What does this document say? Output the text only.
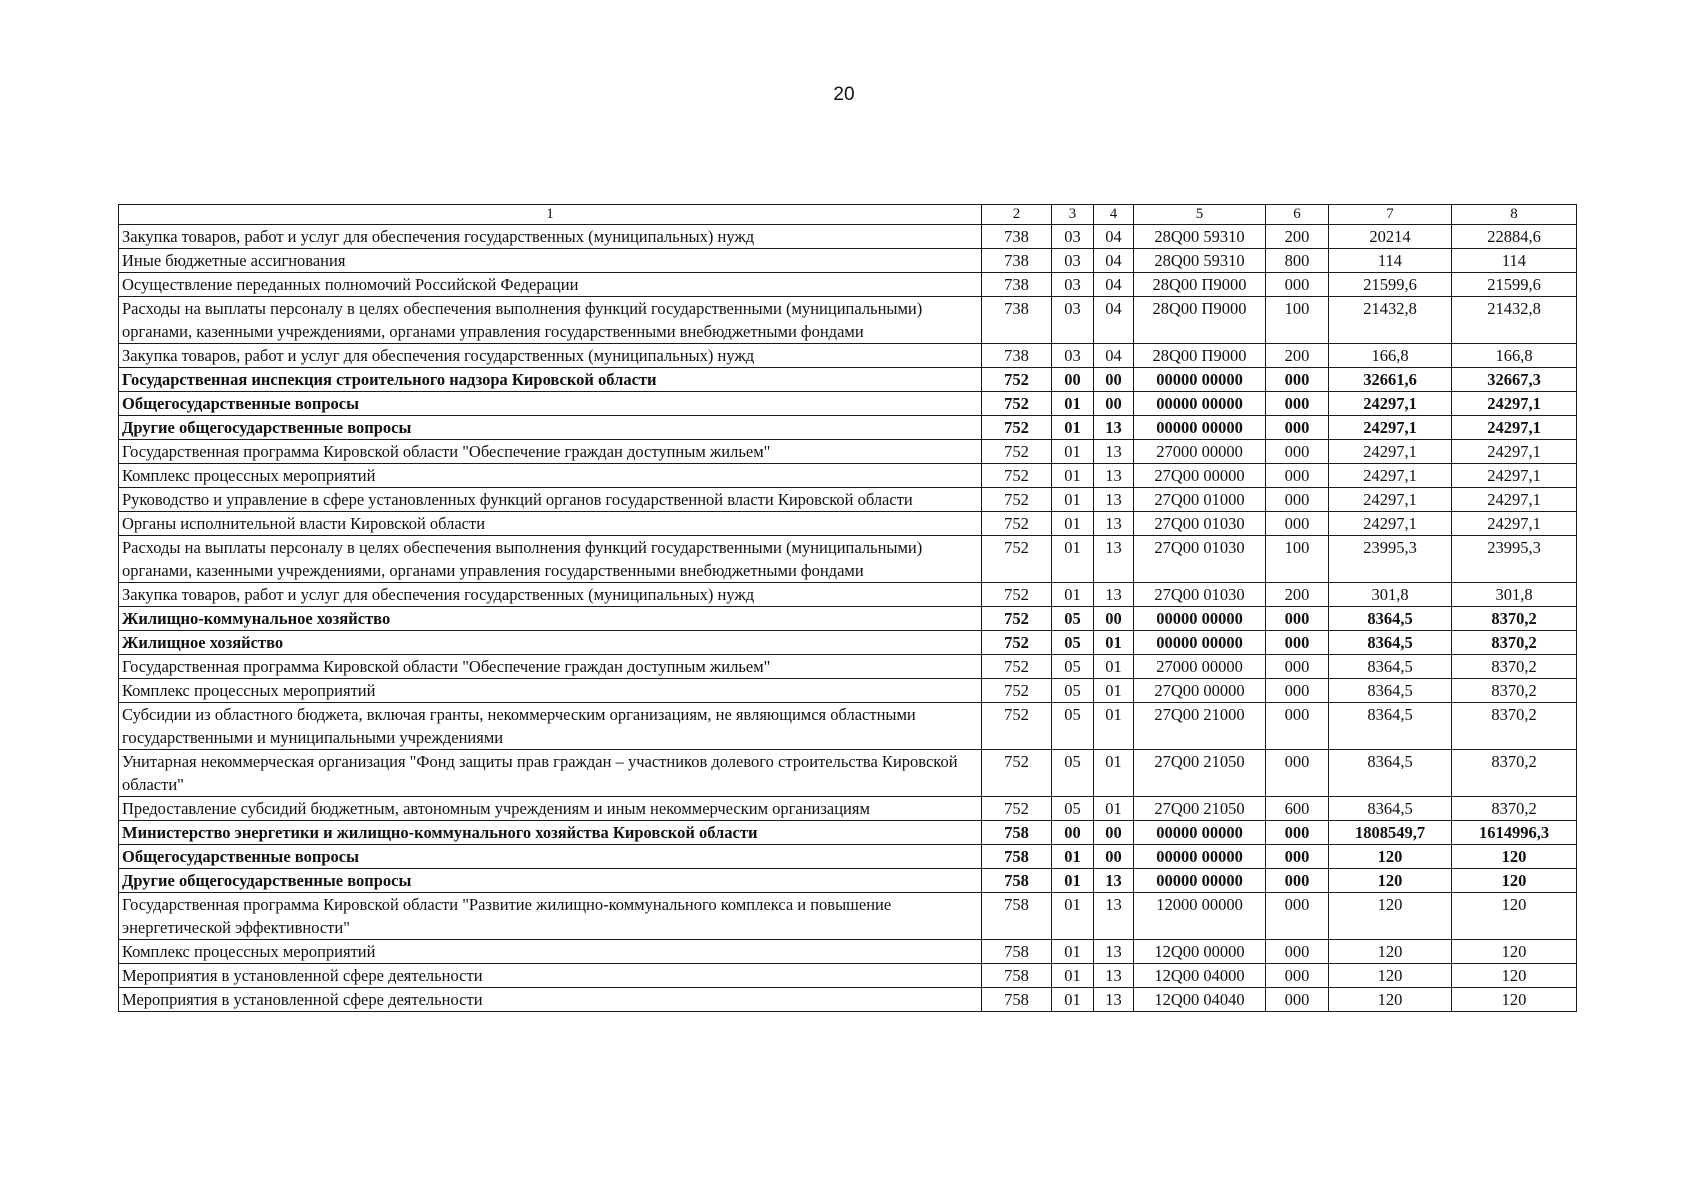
20
1	2	3	4	5	6	7	8
Закупка товаров, работ и услуг для обеспечения государственных (муниципальных) нужд	738	03	04	28Q00 59310	200	20214	22884,6
Иные бюджетные ассигнования	738	03	04	28Q00 59310	800	114	114
Осуществление переданных полномочий Российской Федерации	738	03	04	28Q00 П9000	000	21599,6	21599,6
Расходы на выплаты персоналу в целях обеспечения выполнения функций государственными (муниципальными) органами, казенными учреждениями, органами управления государственными внебюджетными фондами	738	03	04	28Q00 П9000	100	21432,8	21432,8
Закупка товаров, работ и услуг для обеспечения государственных (муниципальных) нужд	738	03	04	28Q00 П9000	200	166,8	166,8
Государственная инспекция строительного надзора Кировской области	752	00	00	00000 00000	000	32661,6	32667,3
Общегосударственные вопросы	752	01	00	00000 00000	000	24297,1	24297,1
Другие общегосударственные вопросы	752	01	13	00000 00000	000	24297,1	24297,1
Государственная программа Кировской области "Обеспечение граждан доступным жильем"	752	01	13	27000 00000	000	24297,1	24297,1
Комплекс процессных мероприятий	752	01	13	27Q00 00000	000	24297,1	24297,1
Руководство и управление в сфере установленных функций органов государственной власти Кировской области	752	01	13	27Q00 01000	000	24297,1	24297,1
Органы исполнительной власти Кировской области	752	01	13	27Q00 01030	000	24297,1	24297,1
Расходы на выплаты персоналу в целях обеспечения выполнения функций государственными (муниципальными) органами, казенными учреждениями, органами управления государственными внебюджетными фондами	752	01	13	27Q00 01030	100	23995,3	23995,3
Закупка товаров, работ и услуг для обеспечения государственных (муниципальных) нужд	752	01	13	27Q00 01030	200	301,8	301,8
Жилищно-коммунальное хозяйство	752	05	00	00000 00000	000	8364,5	8370,2
Жилищное хозяйство	752	05	01	00000 00000	000	8364,5	8370,2
Государственная программа Кировской области "Обеспечение граждан доступным жильем"	752	05	01	27000 00000	000	8364,5	8370,2
Комплекс процессных мероприятий	752	05	01	27Q00 00000	000	8364,5	8370,2
Субсидии из областного бюджета, включая гранты, некоммерческим организациям, не являющимся областными государственными и муниципальными учреждениями	752	05	01	27Q00 21000	000	8364,5	8370,2
Унитарная некоммерческая организация "Фонд защиты прав граждан – участников долевого строительства Кировской области"	752	05	01	27Q00 21050	000	8364,5	8370,2
Предоставление субсидий бюджетным, автономным учреждениям и иным некоммерческим организациям	752	05	01	27Q00 21050	600	8364,5	8370,2
Министерство энергетики и жилищно-коммунального хозяйства Кировской области	758	00	00	00000 00000	000	1808549,7	1614996,3
Общегосударственные вопросы	758	01	00	00000 00000	000	120	120
Другие общегосударственные вопросы	758	01	13	00000 00000	000	120	120
Государственная программа Кировской области "Развитие жилищно-коммунального комплекса и повышение энергетической эффективности"	758	01	13	12000 00000	000	120	120
Комплекс процессных мероприятий	758	01	13	12Q00 00000	000	120	120
Мероприятия в установленной сфере деятельности	758	01	13	12Q00 04000	000	120	120
Мероприятия в установленной сфере деятельности	758	01	13	12Q00 04040	000	120	120
